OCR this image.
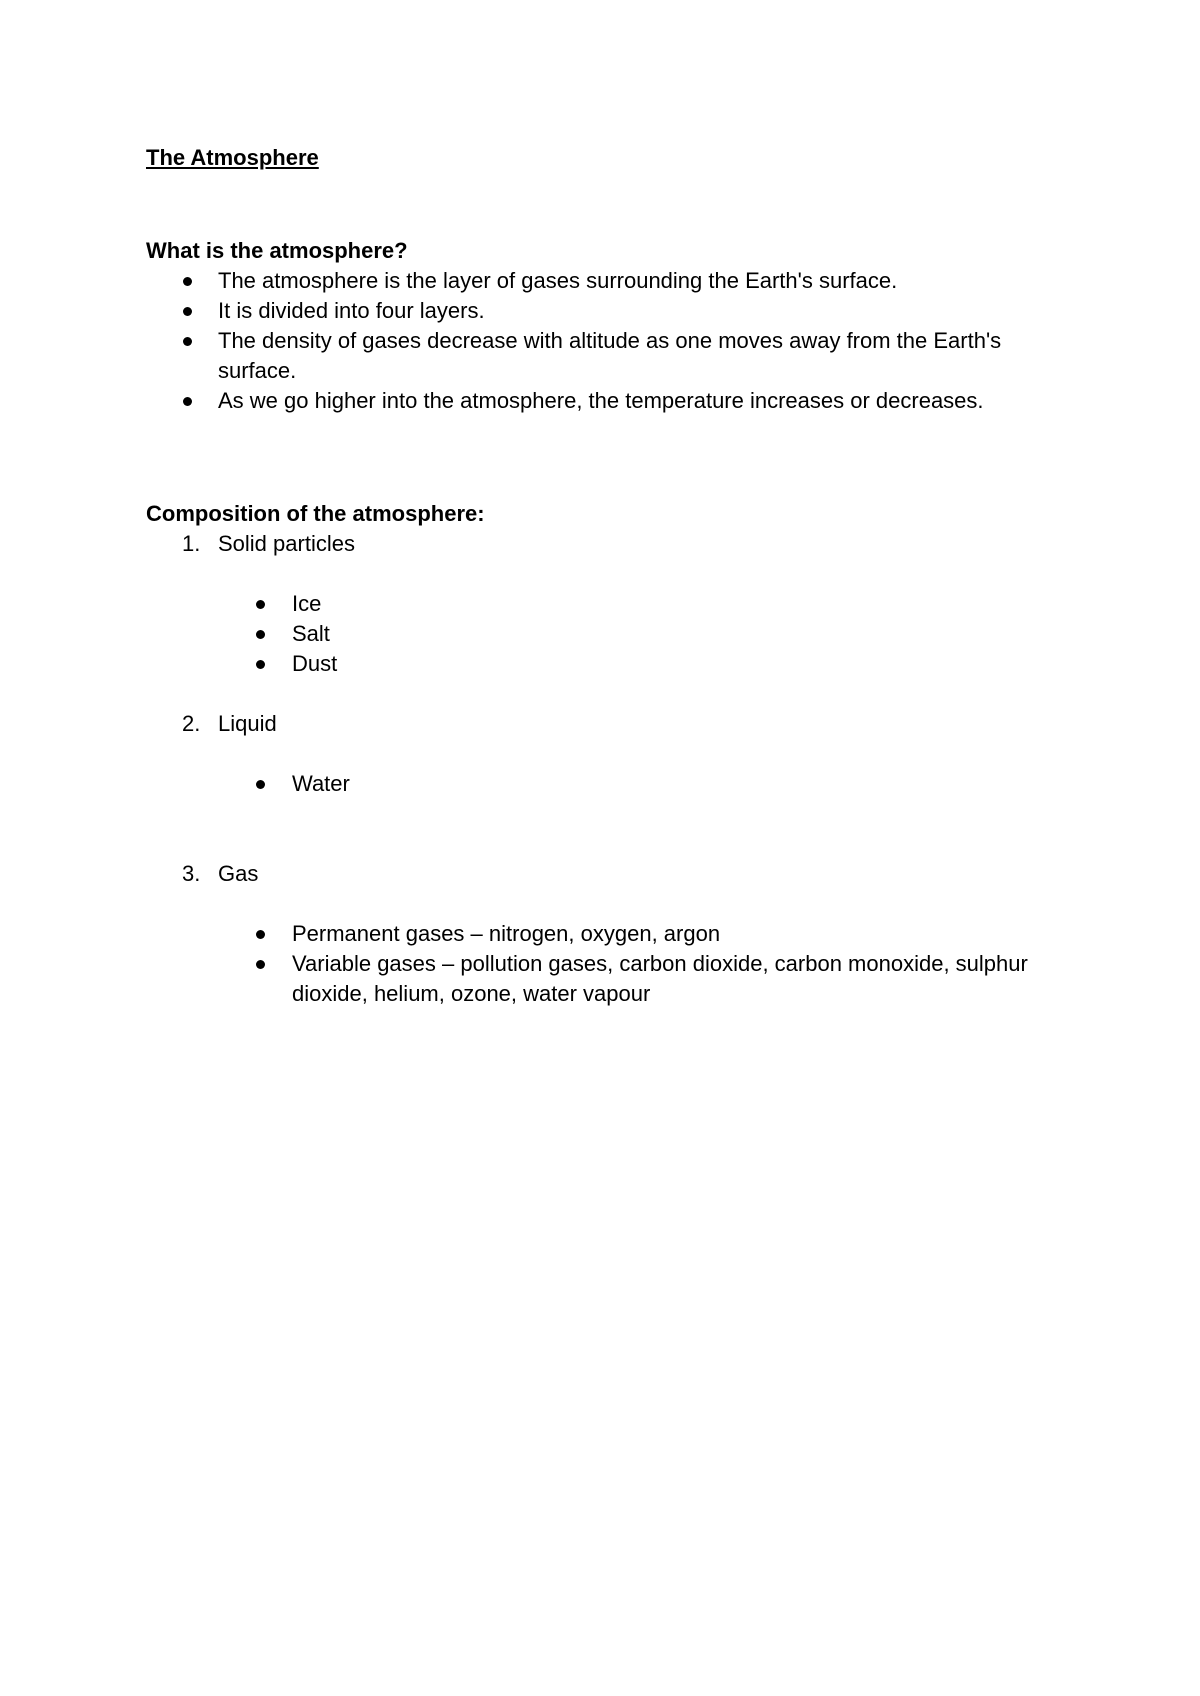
The Atmosphere
What is the atmosphere?
The atmosphere is the layer of gases surrounding the Earth's surface.
It is divided into four layers.
The density of gases decrease with altitude as one moves away from the Earth's surface.
As we go higher into the atmosphere, the temperature increases or decreases.
Composition of the atmosphere:
1. Solid particles
Ice
Salt
Dust
2. Liquid
Water
3. Gas
Permanent gases – nitrogen, oxygen, argon
Variable gases – pollution gases, carbon dioxide, carbon monoxide, sulphur dioxide, helium, ozone, water vapour
